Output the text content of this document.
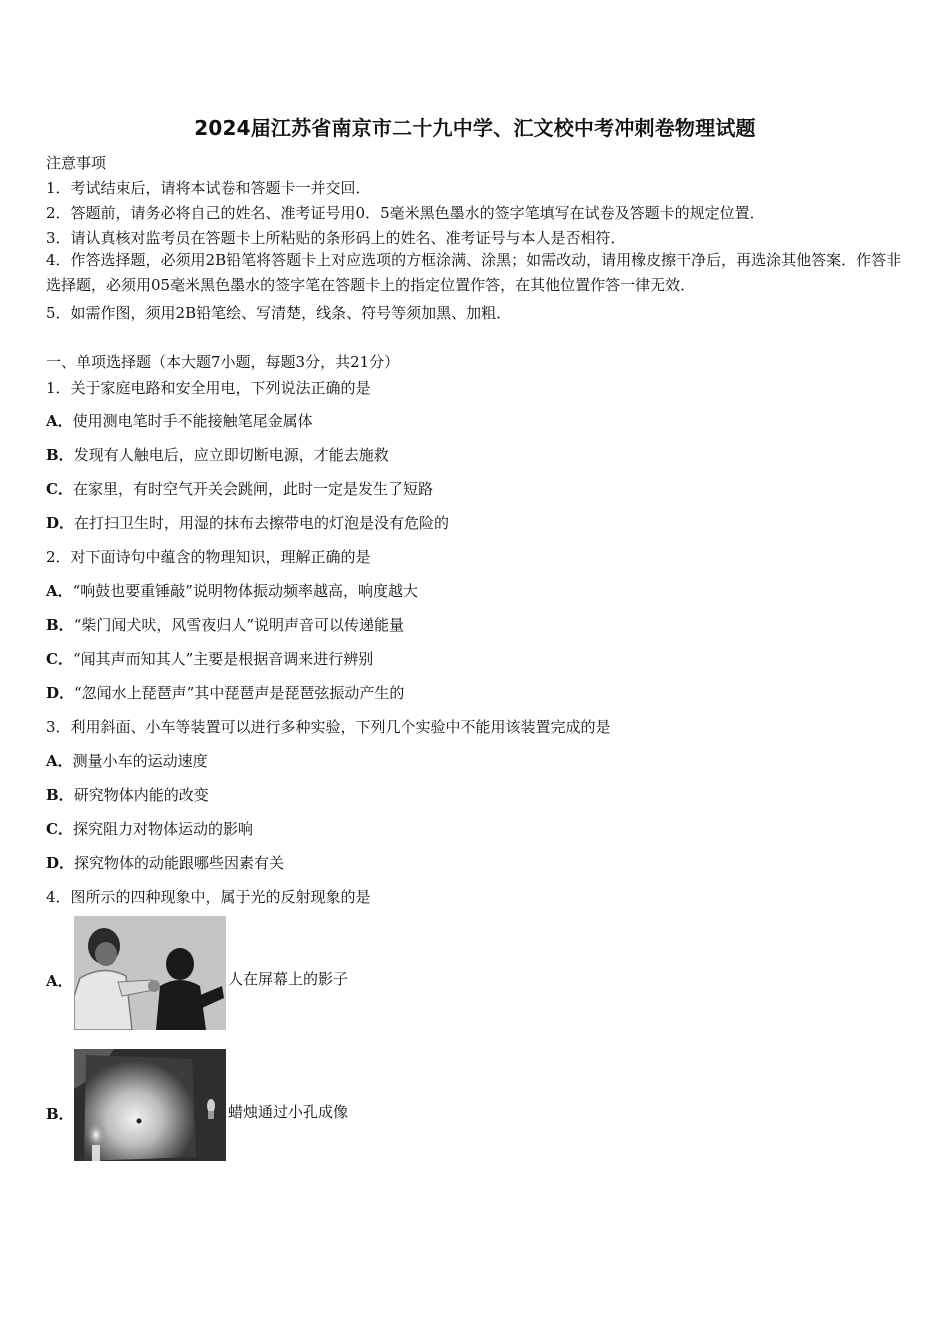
2024届江苏省南京市二十九中学、汇文校中考冲刺卷物理试题
注意事项
1．考试结束后，请将本试卷和答题卡一并交回．
2．答题前，请务必将自己的姓名、准考证号用0．5毫米黑色墨水的签字笔填写在试卷及答题卡的规定位置．
3．请认真核对监考员在答题卡上所粘贴的条形码上的姓名、准考证号与本人是否相符．
4．作答选择题，必须用2B铅笔将答题卡上对应选项的方框涂满、涂黑；如需改动，请用橡皮擦干净后，再选涂其他答案．作答非选择题，必须用05毫米黑色墨水的签字笔在答题卡上的指定位置作答，在其他位置作答一律无效．
5．如需作图，须用2B铅笔绘、写清楚，线条、符号等须加黑、加粗．
一、单项选择题（本大题7小题，每题3分，共21分）
1．关于家庭电路和安全用电，下列说法正确的是
A．使用测电笔时手不能接触笔尾金属体
B．发现有人触电后，应立即切断电源，才能去施救
C．在家里，有时空气开关会跳闸，此时一定是发生了短路
D．在打扫卫生时，用湿的抹布去擦带电的灯泡是没有危险的
2．对下面诗句中蕴含的物理知识，理解正确的是
A．“响鼓也要重锤敲”说明物体振动频率越高，响度越大
B．“柴门闻犬吠，风雪夜归人”说明声音可以传递能量
C．“闻其声而知其人”主要是根据音调来进行辨别
D．“忽闻水上琵琶声”其中琵琶声是琵琶弦振动产生的
3．利用斜面、小车等装置可以进行多种实验，下列几个实验中不能用该装置完成的是
A．测量小车的运动速度
B．研究物体内能的改变
C．探究阻力对物体运动的影响
D．探究物体的动能跟哪些因素有关
4．图所示的四种现象中，属于光的反射现象的是
A．	人在屏幕上的影子
B．	蜡烛通过小孔成像
